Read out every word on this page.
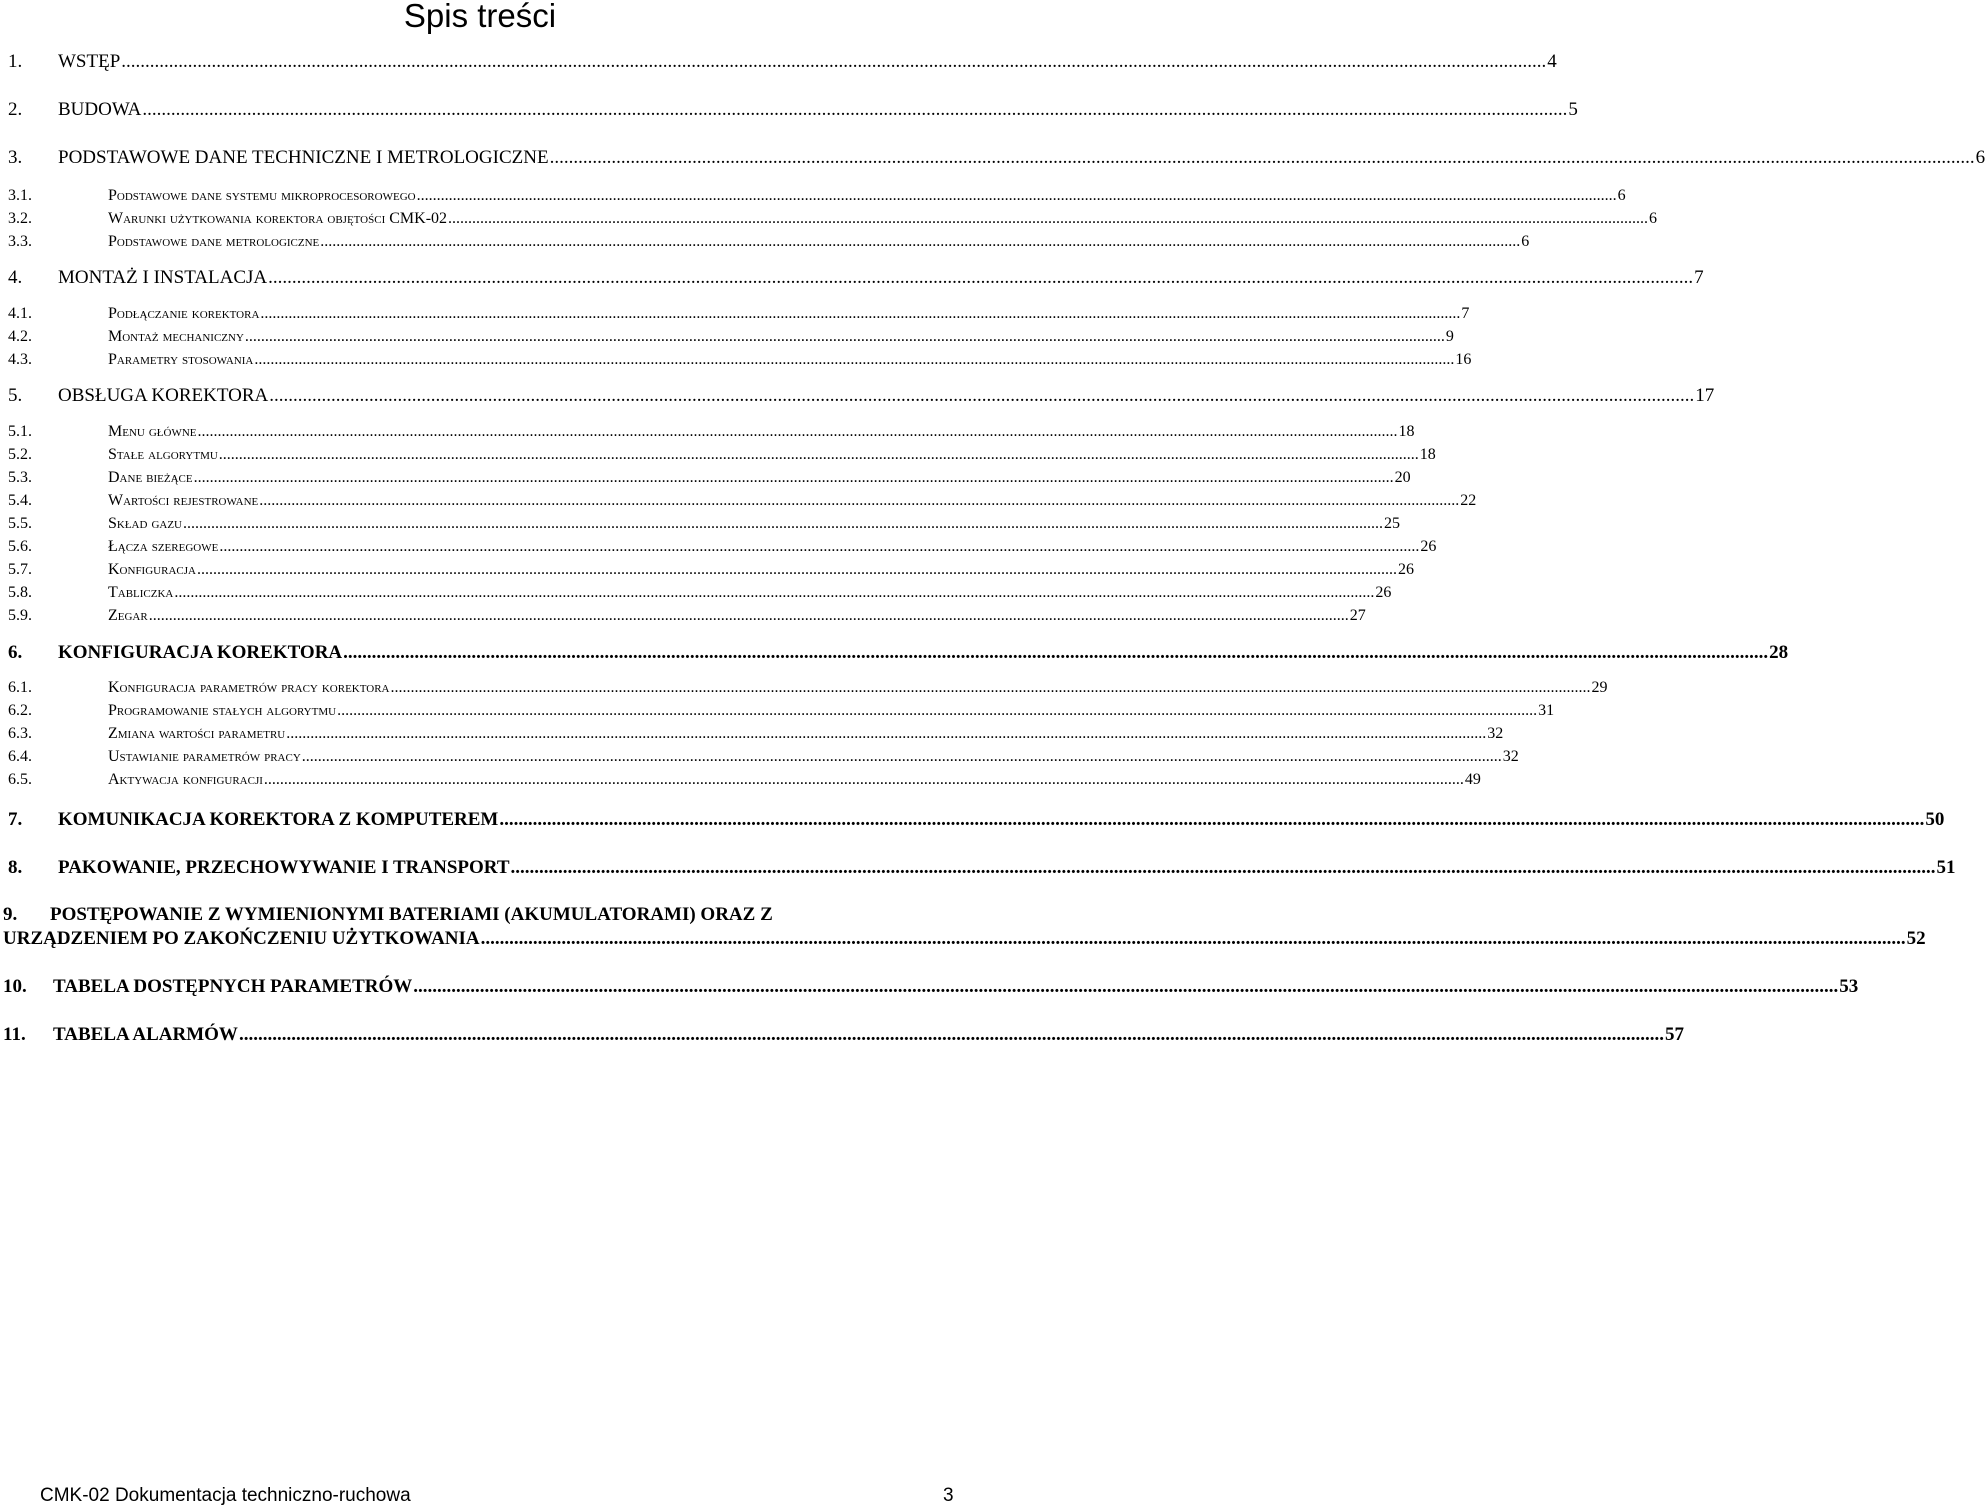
Spis treści
1.	WSTĘP ............................................................................................................................................................................................................................................................................................................ 4
2.	BUDOWA ............................................................................................................................................................................................................................................................................................................ 5
3.	PODSTAWOWE DANE TECHNICZNE I METROLOGICZNE ............................................................................................................................................................................................................................................................................................................ 6
3.1.	Podstawowe dane systemu mikroprocesorowego ............................................................................................................................................................................................................................................................................................................ 6
3.2.	Warunki użytkowania korektora objętości CMK-02 ............................................................................................................................................................................................................................................................................................................ 6
3.3.	Podstawowe dane metrologiczne ............................................................................................................................................................................................................................................................................................................ 6
4.	MONTAŻ I INSTALACJA ............................................................................................................................................................................................................................................................................................................ 7
4.1.	Podłączanie korektora ............................................................................................................................................................................................................................................................................................................ 7
4.2.	Montaż mechaniczny ............................................................................................................................................................................................................................................................................................................ 9
4.3.	Parametry stosowania ............................................................................................................................................................................................................................................................................................................ 16
5.	OBSŁUGA KOREKTORA ............................................................................................................................................................................................................................................................................................................ 17
5.1.	Menu główne ............................................................................................................................................................................................................................................................................................................ 18
5.2.	Stałe algorytmu ............................................................................................................................................................................................................................................................................................................ 18
5.3.	Dane bieżące ............................................................................................................................................................................................................................................................................................................ 20
5.4.	Wartości rejestrowane ............................................................................................................................................................................................................................................................................................................ 22
5.5.	Skład gazu ............................................................................................................................................................................................................................................................................................................ 25
5.6.	Łącza szeregowe ............................................................................................................................................................................................................................................................................................................ 26
5.7.	Konfiguracja ............................................................................................................................................................................................................................................................................................................ 26
5.8.	Tabliczka ............................................................................................................................................................................................................................................................................................................ 26
5.9.	Zegar ............................................................................................................................................................................................................................................................................................................ 27
6.	KONFIGURACJA KOREKTORA ............................................................................................................................................................................................................................................................................................................ 28
6.1.	Konfiguracja parametrów pracy korektora ............................................................................................................................................................................................................................................................................................................ 29
6.2.	Programowanie stałych algorytmu ............................................................................................................................................................................................................................................................................................................ 31
6.3.	Zmiana wartości parametru ............................................................................................................................................................................................................................................................................................................ 32
6.4.	Ustawianie parametrów pracy ............................................................................................................................................................................................................................................................................................................ 32
6.5.	Aktywacja konfiguracji ............................................................................................................................................................................................................................................................................................................ 49
7.	KOMUNIKACJA KOREKTORA Z KOMPUTEREM ............................................................................................................................................................................................................................................................................................................ 50
8.	PAKOWANIE, PRZECHOWYWANIE I TRANSPORT ............................................................................................................................................................................................................................................................................................................ 51
9.	POSTĘPOWANIE Z WYMIENIONYMI BATERIAMI (AKUMULATORAMI) ORAZ Z
URZĄDZENIEM PO ZAKOŃCZENIU UŻYTKOWANIA ............................................................................................................................................................................................................................................................................................................ 52
10.	TABELA DOSTĘPNYCH PARAMETRÓW ............................................................................................................................................................................................................................................................................................................ 53
11.	TABELA ALARMÓW ............................................................................................................................................................................................................................................................................................................ 57
CMK-02 Dokumentacja techniczno-ruchowa	3
